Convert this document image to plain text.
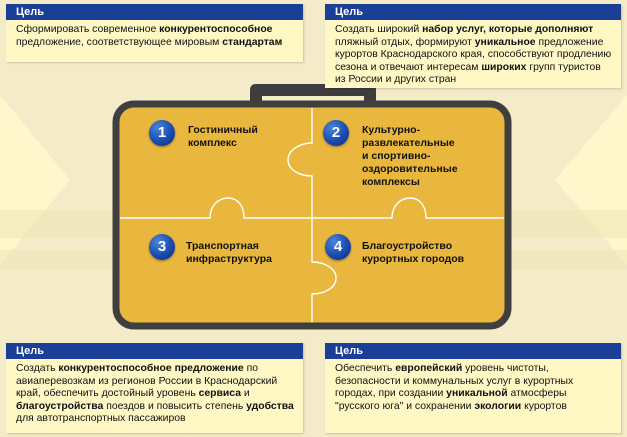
1	2
3	4
Гостиничный
комплекс
Культурно-
развлекательные
и спортивно-
оздоровительные
комплексы
Транспортная
инфраструктура
Благоустройство
курортных городов
Цель
Сформировать современное конкурентоспособное предложение, соответствующее мировым стандартам
Цель
Создать широкий набор услуг, которые дополняют пляжный отдых, формируют уникальное предложение курортов Краснодарского края, способствуют продлению сезона и отвечают интересам широких групп туристов из России и других стран
Цель
Создать конкурентоспособное предложение по авиаперевозкам из регионов России в Краснодарский край, обеспечить достойный уровень сервиса и благоустройства поездов и повысить степень удобства для автотранспортных пассажиров
Цель
Обеспечить европейский уровень чистоты, безопасности и коммунальных услуг в курортных городах, при создании уникальной атмосферы "русского юга" и сохранении экологии курортов
